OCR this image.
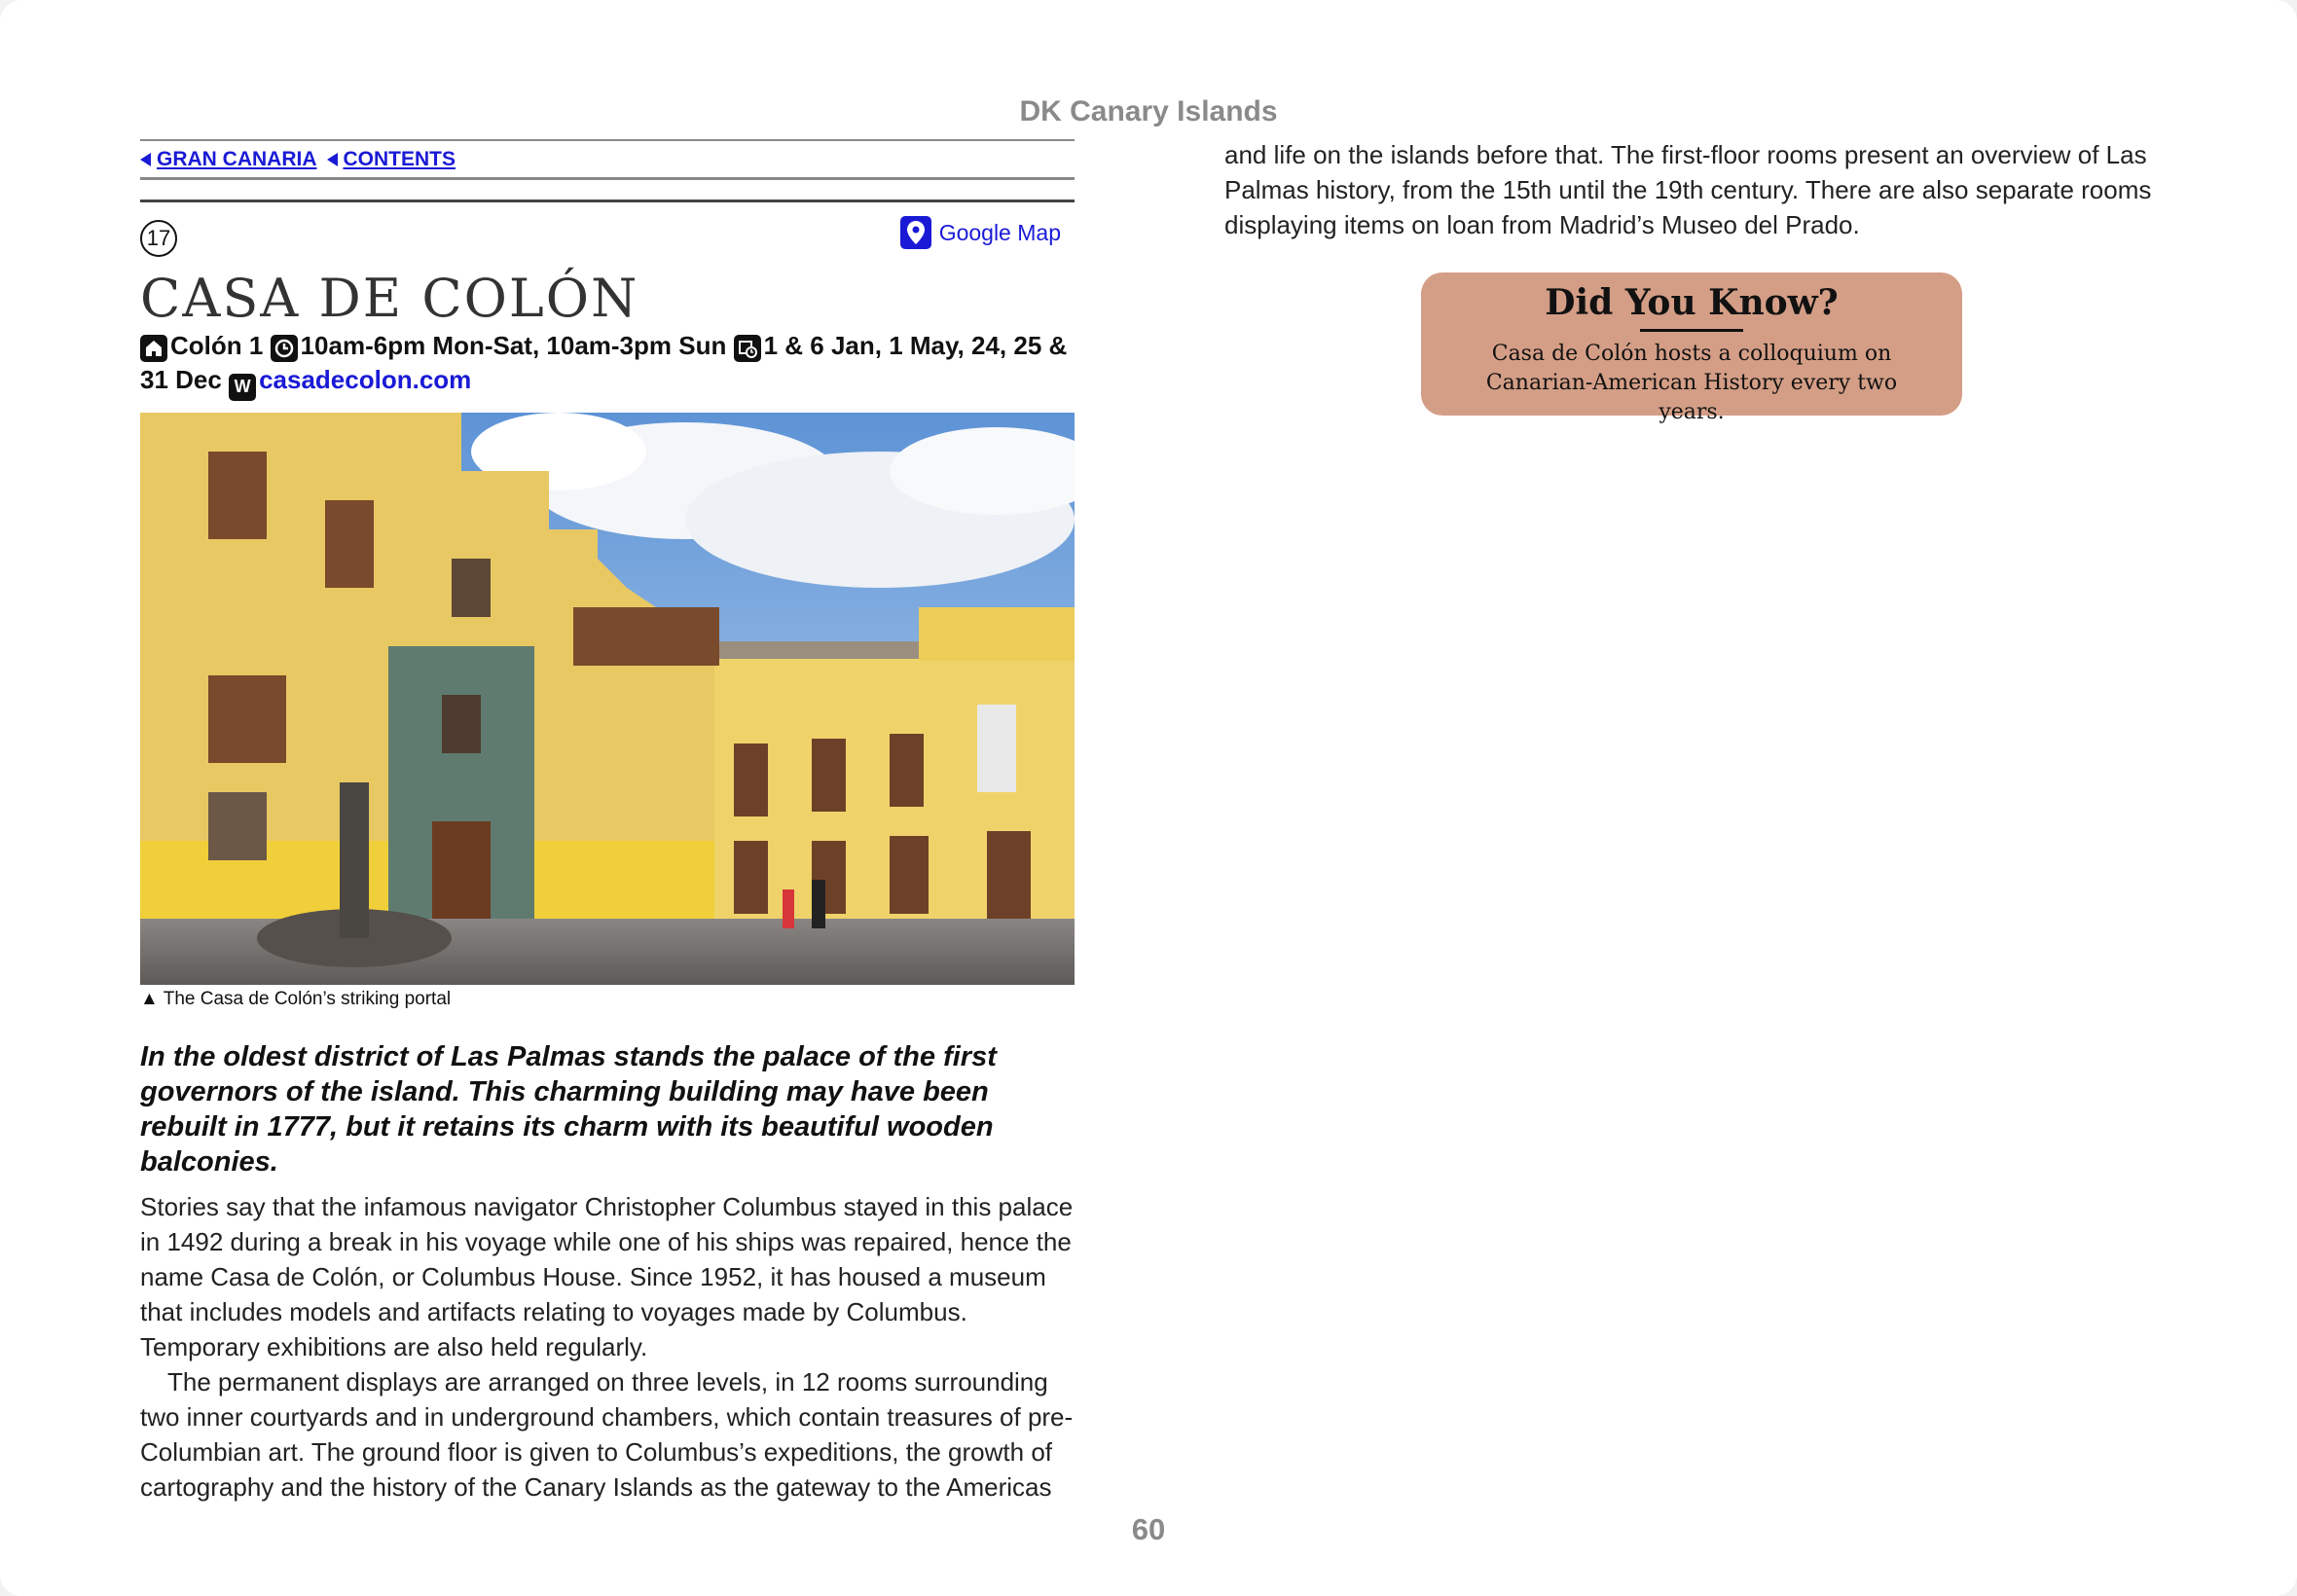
DK Canary Islands
GRAN CANARIA CONTENTS
17	Google Map
CASA DE COLÓN
Colón 1 10am-6pm Mon-Sat, 10am-3pm Sun 1 & 6 Jan, 1 May, 24, 25 & 31 Dec W casadecolon.com
▲ The Casa de Colón’s striking portal
In the oldest district of Las Palmas stands the palace of the first governors of the island. This charming building may have been rebuilt in 1777, but it retains its charm with its beautiful wooden balconies.

Stories say that the infamous navigator Christopher Columbus stayed in this palace in 1492 during a break in his voyage while one of his ships was repaired, hence the name Casa de Colón, or Columbus House. Since 1952, it has housed a museum that includes models and artifacts relating to voyages made by Columbus. Temporary exhibitions are also held regularly.

The permanent displays are arranged on three levels, in 12 rooms surrounding two inner courtyards and in underground chambers, which contain treasures of pre-Columbian art. The ground floor is given to Columbus’s expeditions, the growth of cartography and the history of the Canary Islands as the gateway to the Americas

and life on the islands before that. The first-floor rooms present an overview of Las Palmas history, from the 15th until the 19th century. There are also separate rooms displaying items on loan from Madrid’s Museo del Prado.

Did You Know?
Casa de Colón hosts a colloquium on Canarian-American History every two years.
60
